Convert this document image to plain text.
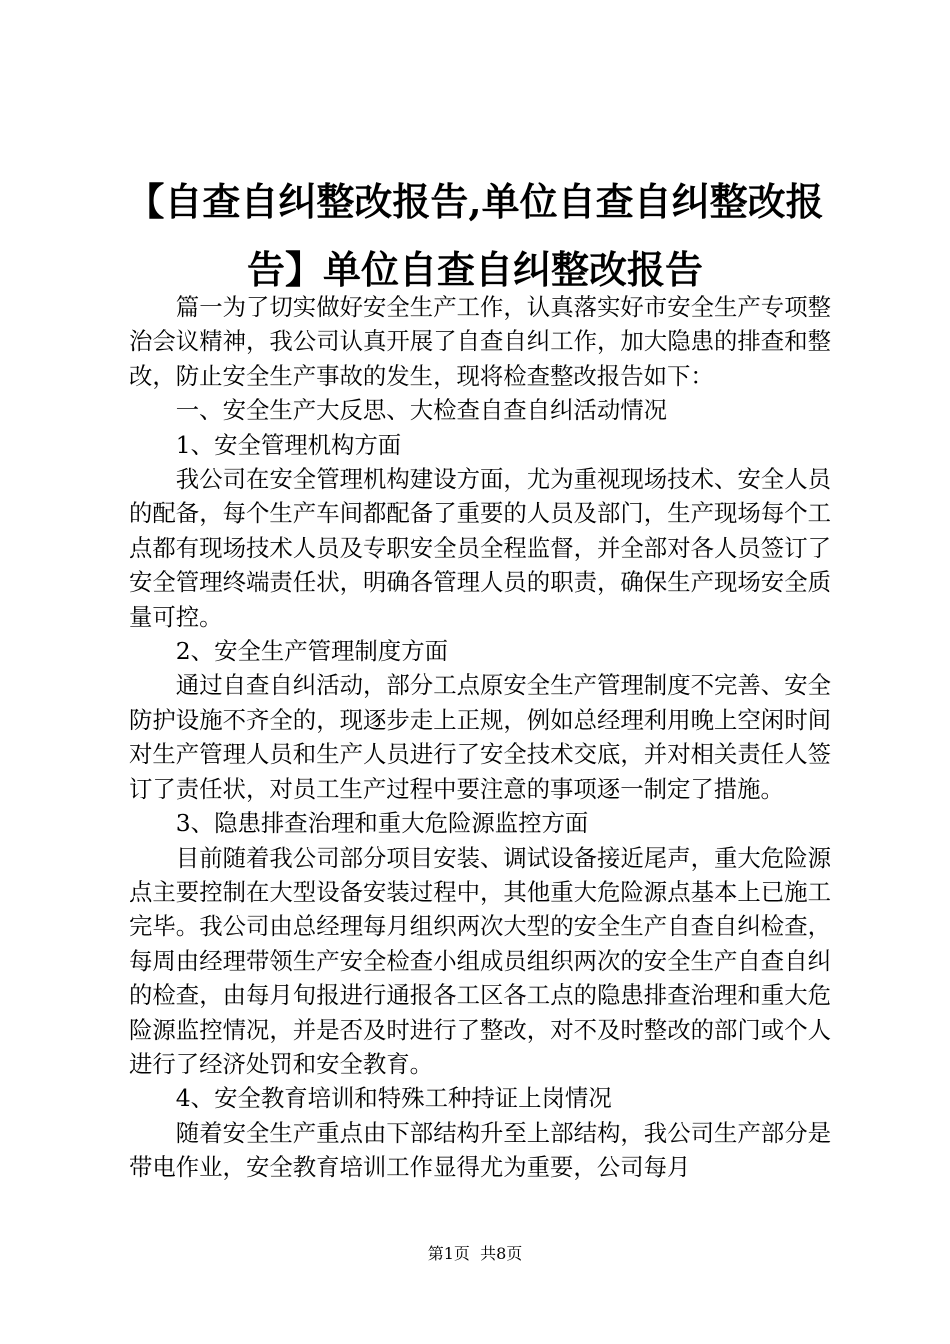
【自查自纠整改报告,单位自查自纠整改报告】单位自查自纠整改报告

篇一为了切实做好安全生产工作，认真落实好市安全生产专项整治会议精神，我公司认真开展了自查自纠工作，加大隐患的排查和整改，防止安全生产事故的发生，现将检查整改报告如下：

一、安全生产大反思、大检查自查自纠活动情况

1、安全管理机构方面

我公司在安全管理机构建设方面，尤为重视现场技术、安全人员的配备，每个生产车间都配备了重要的人员及部门，生产现场每个工点都有现场技术人员及专职安全员全程监督，并全部对各人员签订了安全管理终端责任状，明确各管理人员的职责，确保生产现场安全质量可控。

2、安全生产管理制度方面

通过自查自纠活动，部分工点原安全生产管理制度不完善、安全防护设施不齐全的，现逐步走上正规，例如总经理利用晚上空闲时间对生产管理人员和生产人员进行了安全技术交底，并对相关责任人签订了责任状，对员工生产过程中要注意的事项逐一制定了措施。

3、隐患排查治理和重大危险源监控方面

目前随着我公司部分项目安装、调试设备接近尾声，重大危险源点主要控制在大型设备安装过程中，其他重大危险源点基本上已施工完毕。我公司由总经理每月组织两次大型的安全生产自查自纠检查，每周由经理带领生产安全检查小组成员组织两次的安全生产自查自纠的检查，由每月旬报进行通报各工区各工点的隐患排查治理和重大危险源监控情况，并是否及时进行了整改，对不及时整改的部门或个人进行了经济处罚和安全教育。

4、安全教育培训和特殊工种持证上岗情况

随着安全生产重点由下部结构升至上部结构，我公司生产部分是带电作业，安全教育培训工作显得尤为重要，公司每月

第1页 共8页
